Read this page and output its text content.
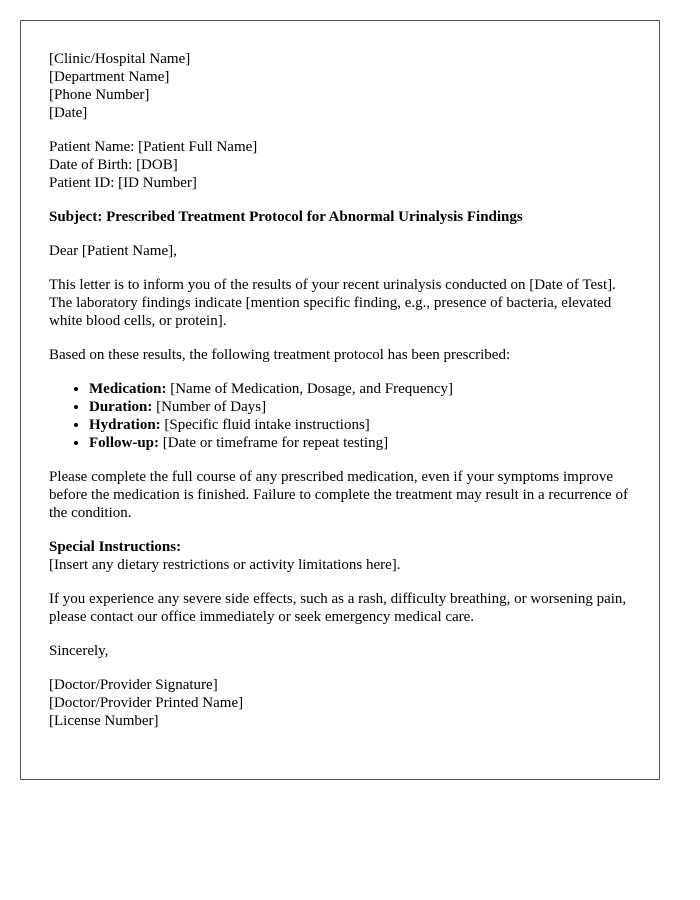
[Clinic/Hospital Name]
[Department Name]
[Phone Number]
[Date]
Patient Name: [Patient Full Name]
Date of Birth: [DOB]
Patient ID: [ID Number]
Subject: Prescribed Treatment Protocol for Abnormal Urinalysis Findings

Dear [Patient Name],

This letter is to inform you of the results of your recent urinalysis conducted on [Date of Test]. The laboratory findings indicate [mention specific finding, e.g., presence of bacteria, elevated white blood cells, or protein].

Based on these results, the following treatment protocol has been prescribed:

• Medication: [Name of Medication, Dosage, and Frequency]
• Duration: [Number of Days]
• Hydration: [Specific fluid intake instructions]
• Follow-up: [Date or timeframe for repeat testing]

Please complete the full course of any prescribed medication, even if your symptoms improve before the medication is finished. Failure to complete the treatment may result in a recurrence of the condition.

Special Instructions:
[Insert any dietary restrictions or activity limitations here].

If you experience any severe side effects, such as a rash, difficulty breathing, or worsening pain, please contact our office immediately or seek emergency medical care.

Sincerely,

[Doctor/Provider Signature]
[Doctor/Provider Printed Name]
[License Number]
